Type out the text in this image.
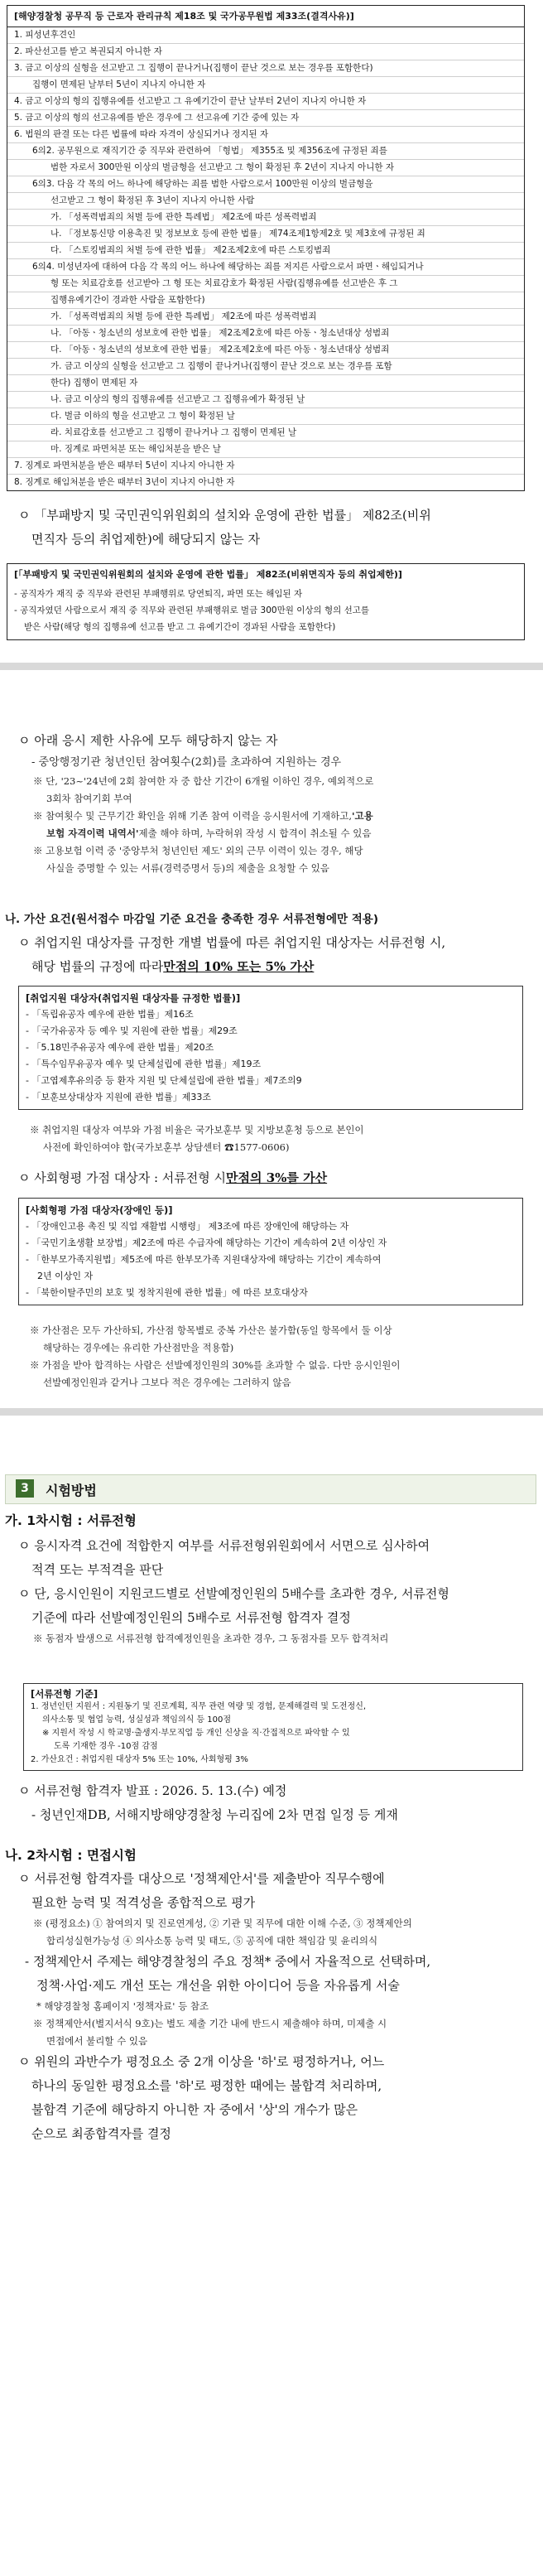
[해양경찰청 공무직 등 근로자 관리규칙 제18조 및 국가공무원법 제33조(결격사유)]
1. 피성년후견인
2. 파산선고를 받고 복권되지 아니한 자
3. 금고 이상의 실형을 선고받고 그 집행이 끝나거나(집행이 끝난 것으로 보는 경우를 포함한다)
집행이 면제된 날부터 5년이 지나지 아니한 자
4. 금고 이상의 형의 집행유예를 선고받고 그 유예기간이 끝난 날부터 2년이 지나지 아니한 자
5. 금고 이상의 형의 선고유예를 받은 경우에 그 선고유예 기간 중에 있는 자
6. 법원의 판결 또는 다른 법률에 따라 자격이 상실되거나 정지된 자
6의2. 공무원으로 재직기간 중 직무와 관련하여 「형법」 제355조 및 제356조에 규정된 죄를
범한 자로서 300만원 이상의 벌금형을 선고받고 그 형이 확정된 후 2년이 지나지 아니한 자
6의3. 다음 각 목의 어느 하나에 해당하는 죄를 범한 사람으로서 100만원 이상의 벌금형을
선고받고 그 형이 확정된 후 3년이 지나지 아니한 사람
가. 「성폭력범죄의 처벌 등에 관한 특례법」 제2조에 따른 성폭력범죄
나. 「정보통신망 이용촉진 및 정보보호 등에 관한 법률」 제74조제1항제2호 및 제3호에 규정된 죄
다. 「스토킹범죄의 처벌 등에 관한 법률」 제2조제2호에 따른 스토킹범죄
6의4. 미성년자에 대하여 다음 각 목의 어느 하나에 해당하는 죄를 저지른 사람으로서 파면ㆍ해임되거나
형 또는 치료감호를 선고받아 그 형 또는 치료감호가 확정된 사람(집행유예를 선고받은 후 그
집행유예기간이 경과한 사람을 포함한다)
가. 「성폭력범죄의 처벌 등에 관한 특례법」 제2조에 따른 성폭력범죄
나. 「아동ㆍ청소년의 성보호에 관한 법률」 제2조제2호에 따른 아동ㆍ청소년대상 성범죄
다. 「아동ㆍ청소년의 성보호에 관한 법률」 제2조제2호에 따른 아동ㆍ청소년대상 성범죄
가. 금고 이상의 실형을 선고받고 그 집행이 끝나거나(집행이 끝난 것으로 보는 경우를 포함
한다) 집행이 면제된 자
나. 금고 이상의 형의 집행유예를 선고받고 그 집행유예가 확정된 날
다. 벌금 이하의 형을 선고받고 그 형이 확정된 날
라. 치료감호를 선고받고 그 집행이 끝나거나 그 집행이 면제된 날
마. 징계로 파면처분 또는 해임처분을 받은 날
7. 징계로 파면처분을 받은 때부터 5년이 지나지 아니한 자
8. 징계로 해임처분을 받은 때부터 3년이 지나지 아니한 자
ㅇ 「부패방지 및 국민권익위원회의 설치와 운영에 관한 법률」 제82조(비위
면직자 등의 취업제한)에 해당되지 않는 자
[「부패방지 및 국민권익위원회의 설치와 운영에 관한 법률」 제82조(비위면직자 등의 취업제한)]
- 공직자가 재직 중 직무와 관련된 부패행위로 당연퇴직, 파면 또는 해임된 자
- 공직자였던 사람으로서 재직 중 직무와 관련된 부패행위로 벌금 300만원 이상의 형의 선고를
받은 사람(해당 형의 집행유예 선고를 받고 그 유예기간이 경과된 사람을 포함한다)
ㅇ 아래 응시 제한 사유에 모두 해당하지 않는 자
- 중앙행정기관 청년인턴 참여횟수(2회)를 초과하여 지원하는 경우
※ 단, '23~'24년에 2회 참여한 자 중 합산 기간이 6개월 이하인 경우, 예외적으로
3회차 참여기회 부여
※ 참여횟수 및 근무기간 확인을 위해 기존 참여 이력을 응시원서에 기재하고,'고용
보험 자격이력 내역서'제출 해야 하며, 누락허위 작성 시 합격이 취소될 수 있음
※ 고용보험 이력 중 '중앙부처 청년인턴 제도' 외의 근무 이력이 있는 경우, 해당
사실을 증명할 수 있는 서류(경력증명서 등)의 제출을 요청할 수 있음
나. 가산 요건(원서접수 마감일 기준 요건을 충족한 경우 서류전형에만 적용)
ㅇ 취업지원 대상자를 규정한 개별 법률에 따른 취업지원 대상자는 서류전형 시,
해당 법률의 규정에 따라만점의 10% 또는 5% 가산
[취업지원 대상자(취업지원 대상자를 규정한 법률)]
- 「독립유공자 예우에 관한 법률」제16조
- 「국가유공자 등 예우 및 지원에 관한 법률」제29조
- 「5.18민주유공자 예우에 관한 법률」제20조
- 「특수임무유공자 예우 및 단체설립에 관한 법률」제19조
- 「고엽제후유의증 등 환자 지원 및 단체설립에 관한 법률」제7조의9
- 「보훈보상대상자 지원에 관한 법률」제33조
※ 취업지원 대상자 여부와 가점 비율은 국가보훈부 및 지방보훈청 등으로 본인이
사전에 확인하여야 함(국가보훈부 상담센터 ☎1577-0606)
ㅇ 사회형평 가점 대상자 : 서류전형 시만점의 3%를 가산
[사회형평 가점 대상자(장애인 등)]
- 「장애인고용 촉진 및 직업 재활법 시행령」 제3조에 따른 장애인에 해당하는 자
- 「국민기초생활 보장법」제2조에 따른 수급자에 해당하는 기간이 계속하여 2년 이상인 자
- 「한부모가족지원법」제5조에 따른 한부모가족 지원대상자에 해당하는 기간이 계속하여
2년 이상인 자
- 「북한이탈주민의 보호 및 정착지원에 관한 법률」에 따른 보호대상자
※ 가산점은 모두 가산하되, 가산점 항목별로 중복 가산은 불가함(동일 항목에서 둘 이상
해당하는 경우에는 유리한 가산점만을 적용함)
※ 가점을 받아 합격하는 사람은 선발예정인원의 30%를 초과할 수 없음. 다만 응시인원이
선발예정인원과 같거나 그보다 적은 경우에는 그러하지 않음
3	시험방법
가. 1차시험 : 서류전형
ㅇ 응시자격 요건에 적합한지 여부를 서류전형위원회에서 서면으로 심사하여
적격 또는 부적격을 판단
ㅇ 단, 응시인원이 지원코드별로 선발예정인원의 5배수를 초과한 경우, 서류전형
기준에 따라 선발예정인원의 5배수로 서류전형 합격자 결정
※ 동점자 발생으로 서류전형 합격예정인원을 초과한 경우, 그 동점자를 모두 합격처리
[서류전형 기준]
1. 정년인턴 지원서 : 지원동기 및 진로계획, 직무 관련 역량 및 경험, 문제해결력 및 도전정신,
의사소통 및 협업 능력, 성실성과 책임의식 등 100점
※ 지원서 작성 시 학교명·출생지·부모직업 등 개인 신상을 직·간접적으로 파악할 수 있
도록 기재한 경우 -10점 감점
2. 가산요건 : 취업지원 대상자 5% 또는 10%, 사회형평 3%
ㅇ 서류전형 합격자 발표 : 2026. 5. 13.(수) 예정
- 청년인재DB, 서해지방해양경찰청 누리집에 2차 면접 일정 등 게재
나. 2차시험 : 면접시험
ㅇ 서류전형 합격자를 대상으로 '정책제안서'를 제출받아 직무수행에
필요한 능력 및 적격성을 종합적으로 평가
※ (평정요소) ① 참여의지 및 진로연계성, ② 기관 및 직무에 대한 이해 수준, ③ 정책제안의
합리성실현가능성 ④ 의사소통 능력 및 태도, ⑤ 공직에 대한 책임감 및 윤리의식
- 정책제안서 주제는 해양경찰청의 주요 정책* 중에서 자율적으로 선택하며,
정책·사업·제도 개선 또는 개선을 위한 아이디어 등을 자유롭게 서술
* 해양경찰청 홈페이지 '정책자료' 등 참조
※ 정책제안서(별지서식 9호)는 별도 제출 기간 내에 반드시 제출해야 하며, 미제출 시
면접에서 불리할 수 있음
ㅇ 위원의 과반수가 평정요소 중 2개 이상을 '하'로 평정하거나, 어느
하나의 동일한 평정요소를 '하'로 평정한 때에는 불합격 처리하며,
불합격 기준에 해당하지 아니한 자 중에서 '상'의 개수가 많은
순으로 최종합격자를 결정
